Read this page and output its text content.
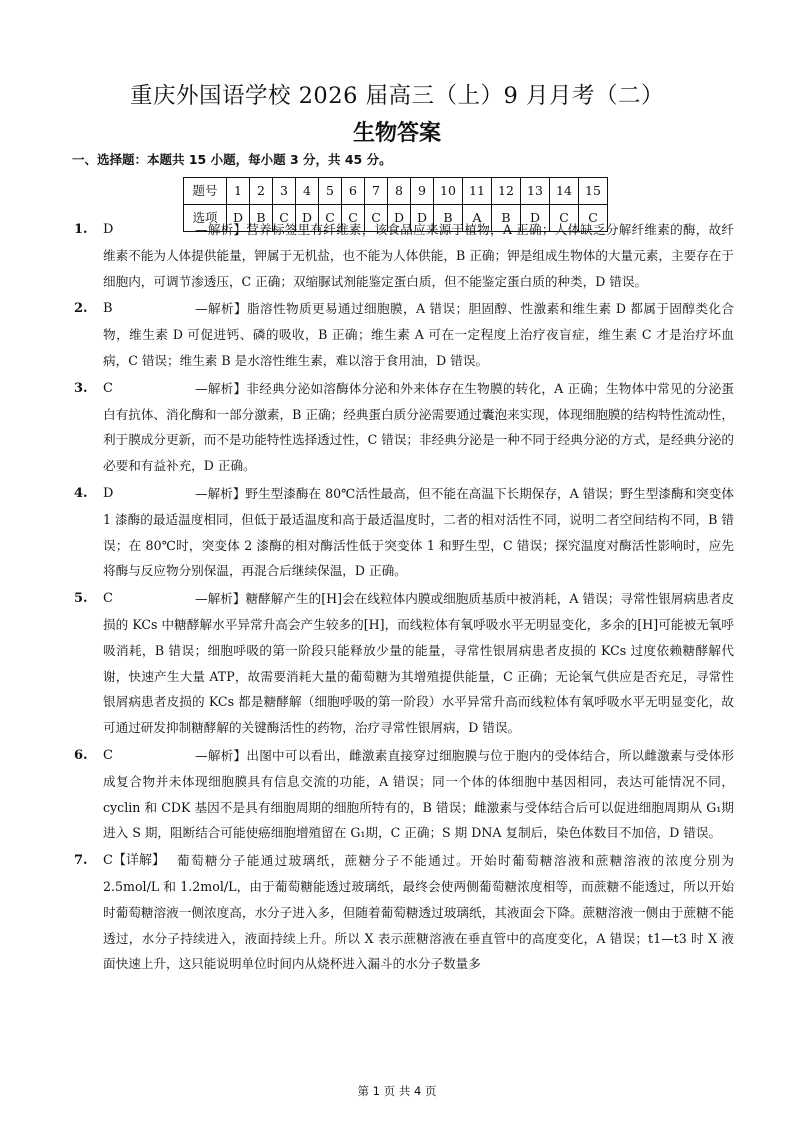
重庆外国语学校 2026 届高三（上）9 月月考（二）
生物答案
一、选择题：本题共 15 小题，每小题 3 分，共 45 分。
题号	1	2	3	4	5	6	7	8	9	10	11	12	13	14	15
选项	D	B	C	D	C	C	C	D	D	B	A	B	D	C	C
1. D	—解析】营养标签里有纤维素，该食品应来源于植物，A 正确；人体缺乏分解纤维素的酶，故纤维素不能为人体提供能量，钾属于无机盐，也不能为人体供能，B 正确；钾是组成生物体的大量元素，主要存在于细胞内，可调节渗透压，C 正确；双缩脲试剂能鉴定蛋白质，但不能鉴定蛋白质的种类，D 错误。
2. B	—解析】脂溶性物质更易通过细胞膜，A 错误；胆固醇、性激素和维生素 D 都属于固醇类化合物，维生素 D 可促进钙、磷的吸收，B 正确；维生素 A 可在一定程度上治疗夜盲症，维生素 C 才是治疗坏血病，C 错误；维生素 B 是水溶性维生素，难以溶于食用油，D 错误。
3. C	—解析】非经典分泌如溶酶体分泌和外来体存在生物膜的转化，A 正确；生物体中常见的分泌蛋白有抗体、消化酶和一部分激素，B 正确；经典蛋白质分泌需要通过囊泡来实现，体现细胞膜的结构特性流动性，利于膜成分更新，而不是功能特性选择透过性，C 错误；非经典分泌是一种不同于经典分泌的方式，是经典分泌的必要和有益补充，D 正确。
4. D	—解析】野生型漆酶在 80℃活性最高，但不能在高温下长期保存，A 错误；野生型漆酶和突变体 1 漆酶的最适温度相同，但低于最适温度和高于最适温度时，二者的相对活性不同，说明二者空间结构不同，B 错误；在 80℃时，突变体 2 漆酶的相对酶活性低于突变体 1 和野生型，C 错误；探究温度对酶活性影响时，应先将酶与反应物分别保温，再混合后继续保温，D 正确。
5. C	—解析】糖酵解产生的[H]会在线粒体内膜或细胞质基质中被消耗，A 错误；寻常性银屑病患者皮损的 KCs 中糖酵解水平异常升高会产生较多的[H]，而线粒体有氧呼吸水平无明显变化，多余的[H]可能被无氧呼吸消耗，B 错误；细胞呼吸的第一阶段只能释放少量的能量，寻常性银屑病患者皮损的 KCs 过度依赖糖酵解代谢，快速产生大量 ATP，故需要消耗大量的葡萄糖为其增殖提供能量，C 正确；无论氧气供应是否充足，寻常性银屑病患者皮损的 KCs 都是糖酵解（细胞呼吸的第一阶段）水平异常升高而线粒体有氧呼吸水平无明显变化，故可通过研发抑制糖酵解的关键酶活性的药物，治疗寻常性银屑病，D 错误。
6. C	—解析】出图中可以看出，雌激素直接穿过细胞膜与位于胞内的受体结合，所以雌激素与受体形成复合物并未体现细胞膜具有信息交流的功能，A 错误；同一个体的体细胞中基因相同，表达可能情况不同，cyclin 和 CDK 基因不是具有细胞周期的细胞所特有的，B 错误；雌激素与受体结合后可以促进细胞周期从 G₁期进入 S 期，阻断结合可能使癌细胞增殖留在 G₁期，C 正确；S 期 DNA 复制后，染色体数目不加倍，D 错误。
7. C【详解】 葡萄糖分子能通过玻璃纸，蔗糖分子不能通过。开始时葡萄糖溶液和蔗糖溶液的浓度分别为 2.5mol/L 和 1.2mol/L，由于葡萄糖能透过玻璃纸，最终会使两侧葡萄糖浓度相等，而蔗糖不能透过，所以开始时葡萄糖溶液一侧浓度高，水分子进入多，但随着葡萄糖透过玻璃纸，其液面会下降。蔗糖溶液一侧由于蔗糖不能透过，水分子持续进入，液面持续上升。所以 X 表示蔗糖溶液在垂直管中的高度变化，A 错误；t1—t3 时 X 液面快速上升，这只能说明单位时间内从烧杯进入漏斗的水分子数量多
第 1 页 共 4 页
